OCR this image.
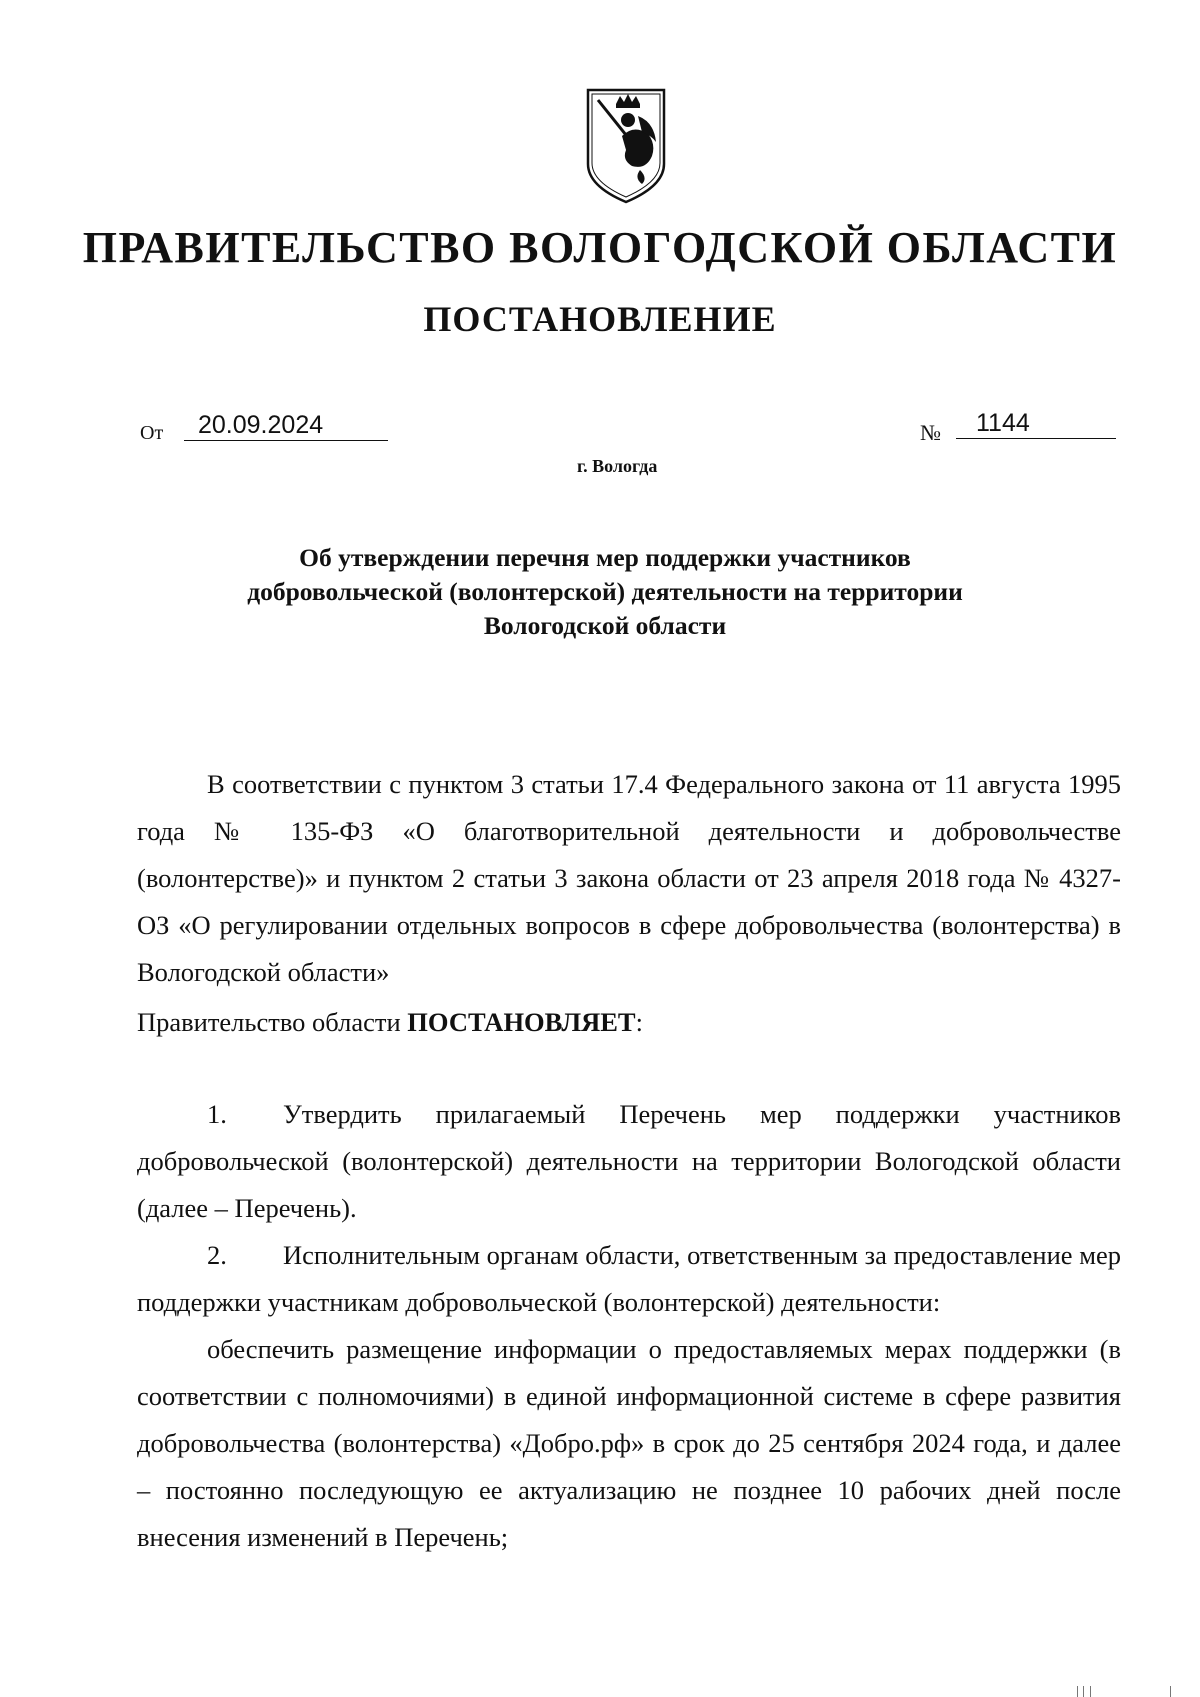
ПРАВИТЕЛЬСТВО ВОЛОГОДСКОЙ ОБЛАСТИ
ПОСТАНОВЛЕНИЕ
От	20.09.2024	№	1144
г. Вологда
Об утверждении перечня мер поддержки участников добровольческой (волонтерской) деятельности на территории Вологодской области

В соответствии с пунктом 3 статьи 17.4 Федерального закона от 11 августа 1995 года № 135-ФЗ «О благотворительной деятельности и добровольчестве (волонтерстве)» и пунктом 2 статьи 3 закона области от 23 апреля 2018 года № 4327-ОЗ «О регулировании отдельных вопросов в сфере добровольчества (волонтерства) в Вологодской области»

Правительство области ПОСТАНОВЛЯЕТ:

1. Утвердить прилагаемый Перечень мер поддержки участников добровольческой (волонтерской) деятельности на территории Вологодской области (далее – Перечень).

2. Исполнительным органам области, ответственным за предоставление мер поддержки участникам добровольческой (волонтерской) деятельности:

обеспечить размещение информации о предоставляемых мерах поддержки (в соответствии с полномочиями) в единой информационной системе в сфере развития добровольчества (волонтерства) «Добро.рф» в срок до 25 сентября 2024 года, и далее – постоянно последующую ее актуализацию не позднее 10 рабочих дней после внесения изменений в Перечень;
